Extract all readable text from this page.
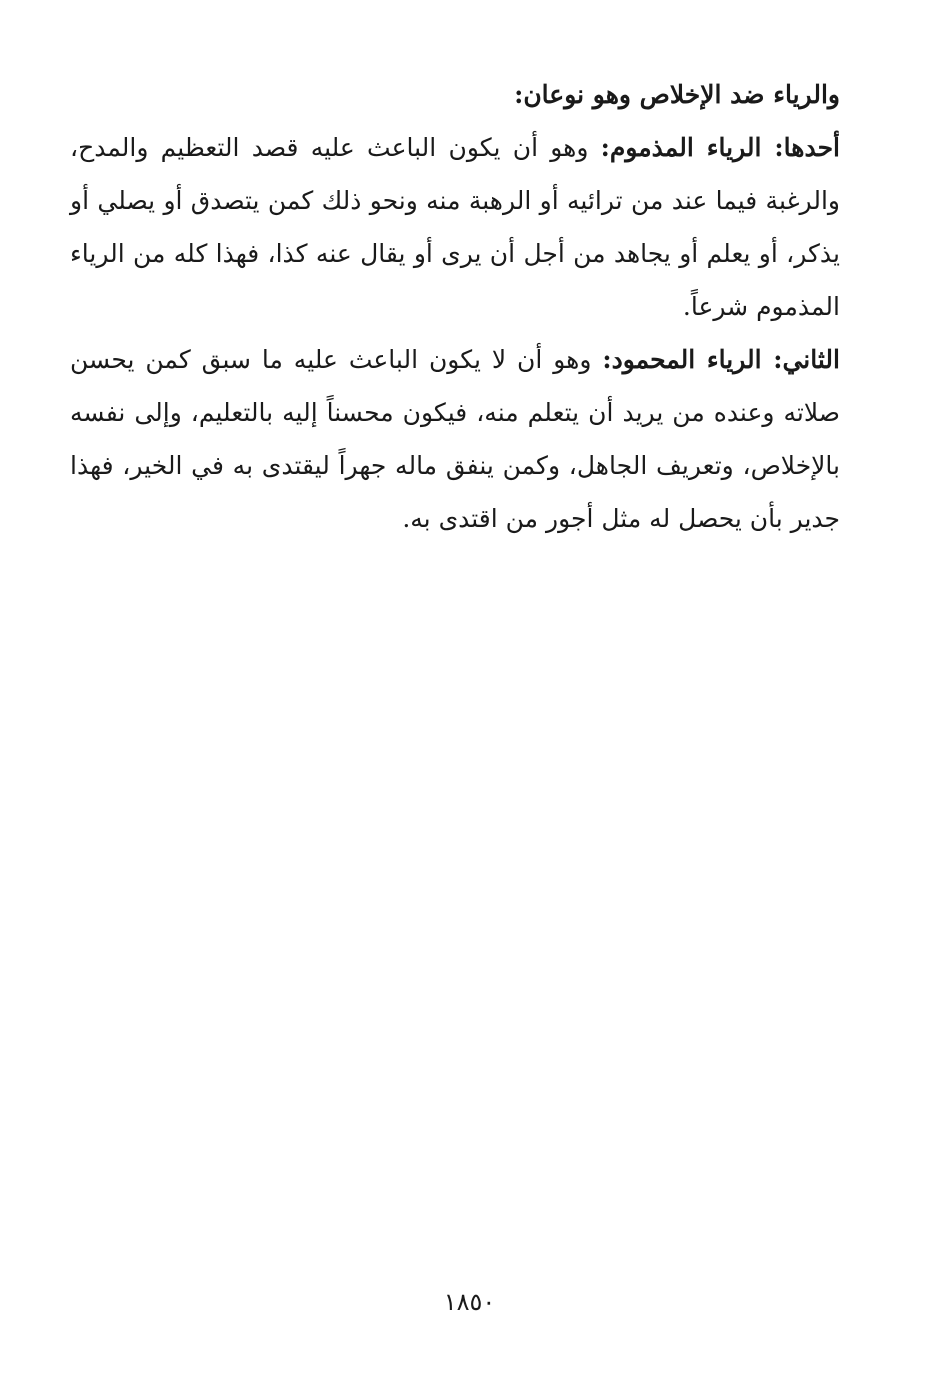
والرياء ضد الإخلاص وهو نوعان:

أحدها: الرياء المذموم: وهو أن يكون الباعث عليه قصد التعظيم والمدح، والرغبة فيما عند من ترائيه أو الرهبة منه ونحو ذلك كمن يتصدق أو يصلي أو يذكر، أو يعلم أو يجاهد من أجل أن يرى أو يقال عنه كذا، فهذا كله من الرياء المذموم شرعاً.

الثاني: الرياء المحمود: وهو أن لا يكون الباعث عليه ما سبق كمن يحسن صلاته وعنده من يريد أن يتعلم منه، فيكون محسناً إليه بالتعليم، وإلى نفسه بالإخلاص، وتعريف الجاهل، وكمن ينفق ماله جهراً ليقتدى به في الخير، فهذا جدير بأن يحصل له مثل أجور من اقتدى به.

١٨٥٠
